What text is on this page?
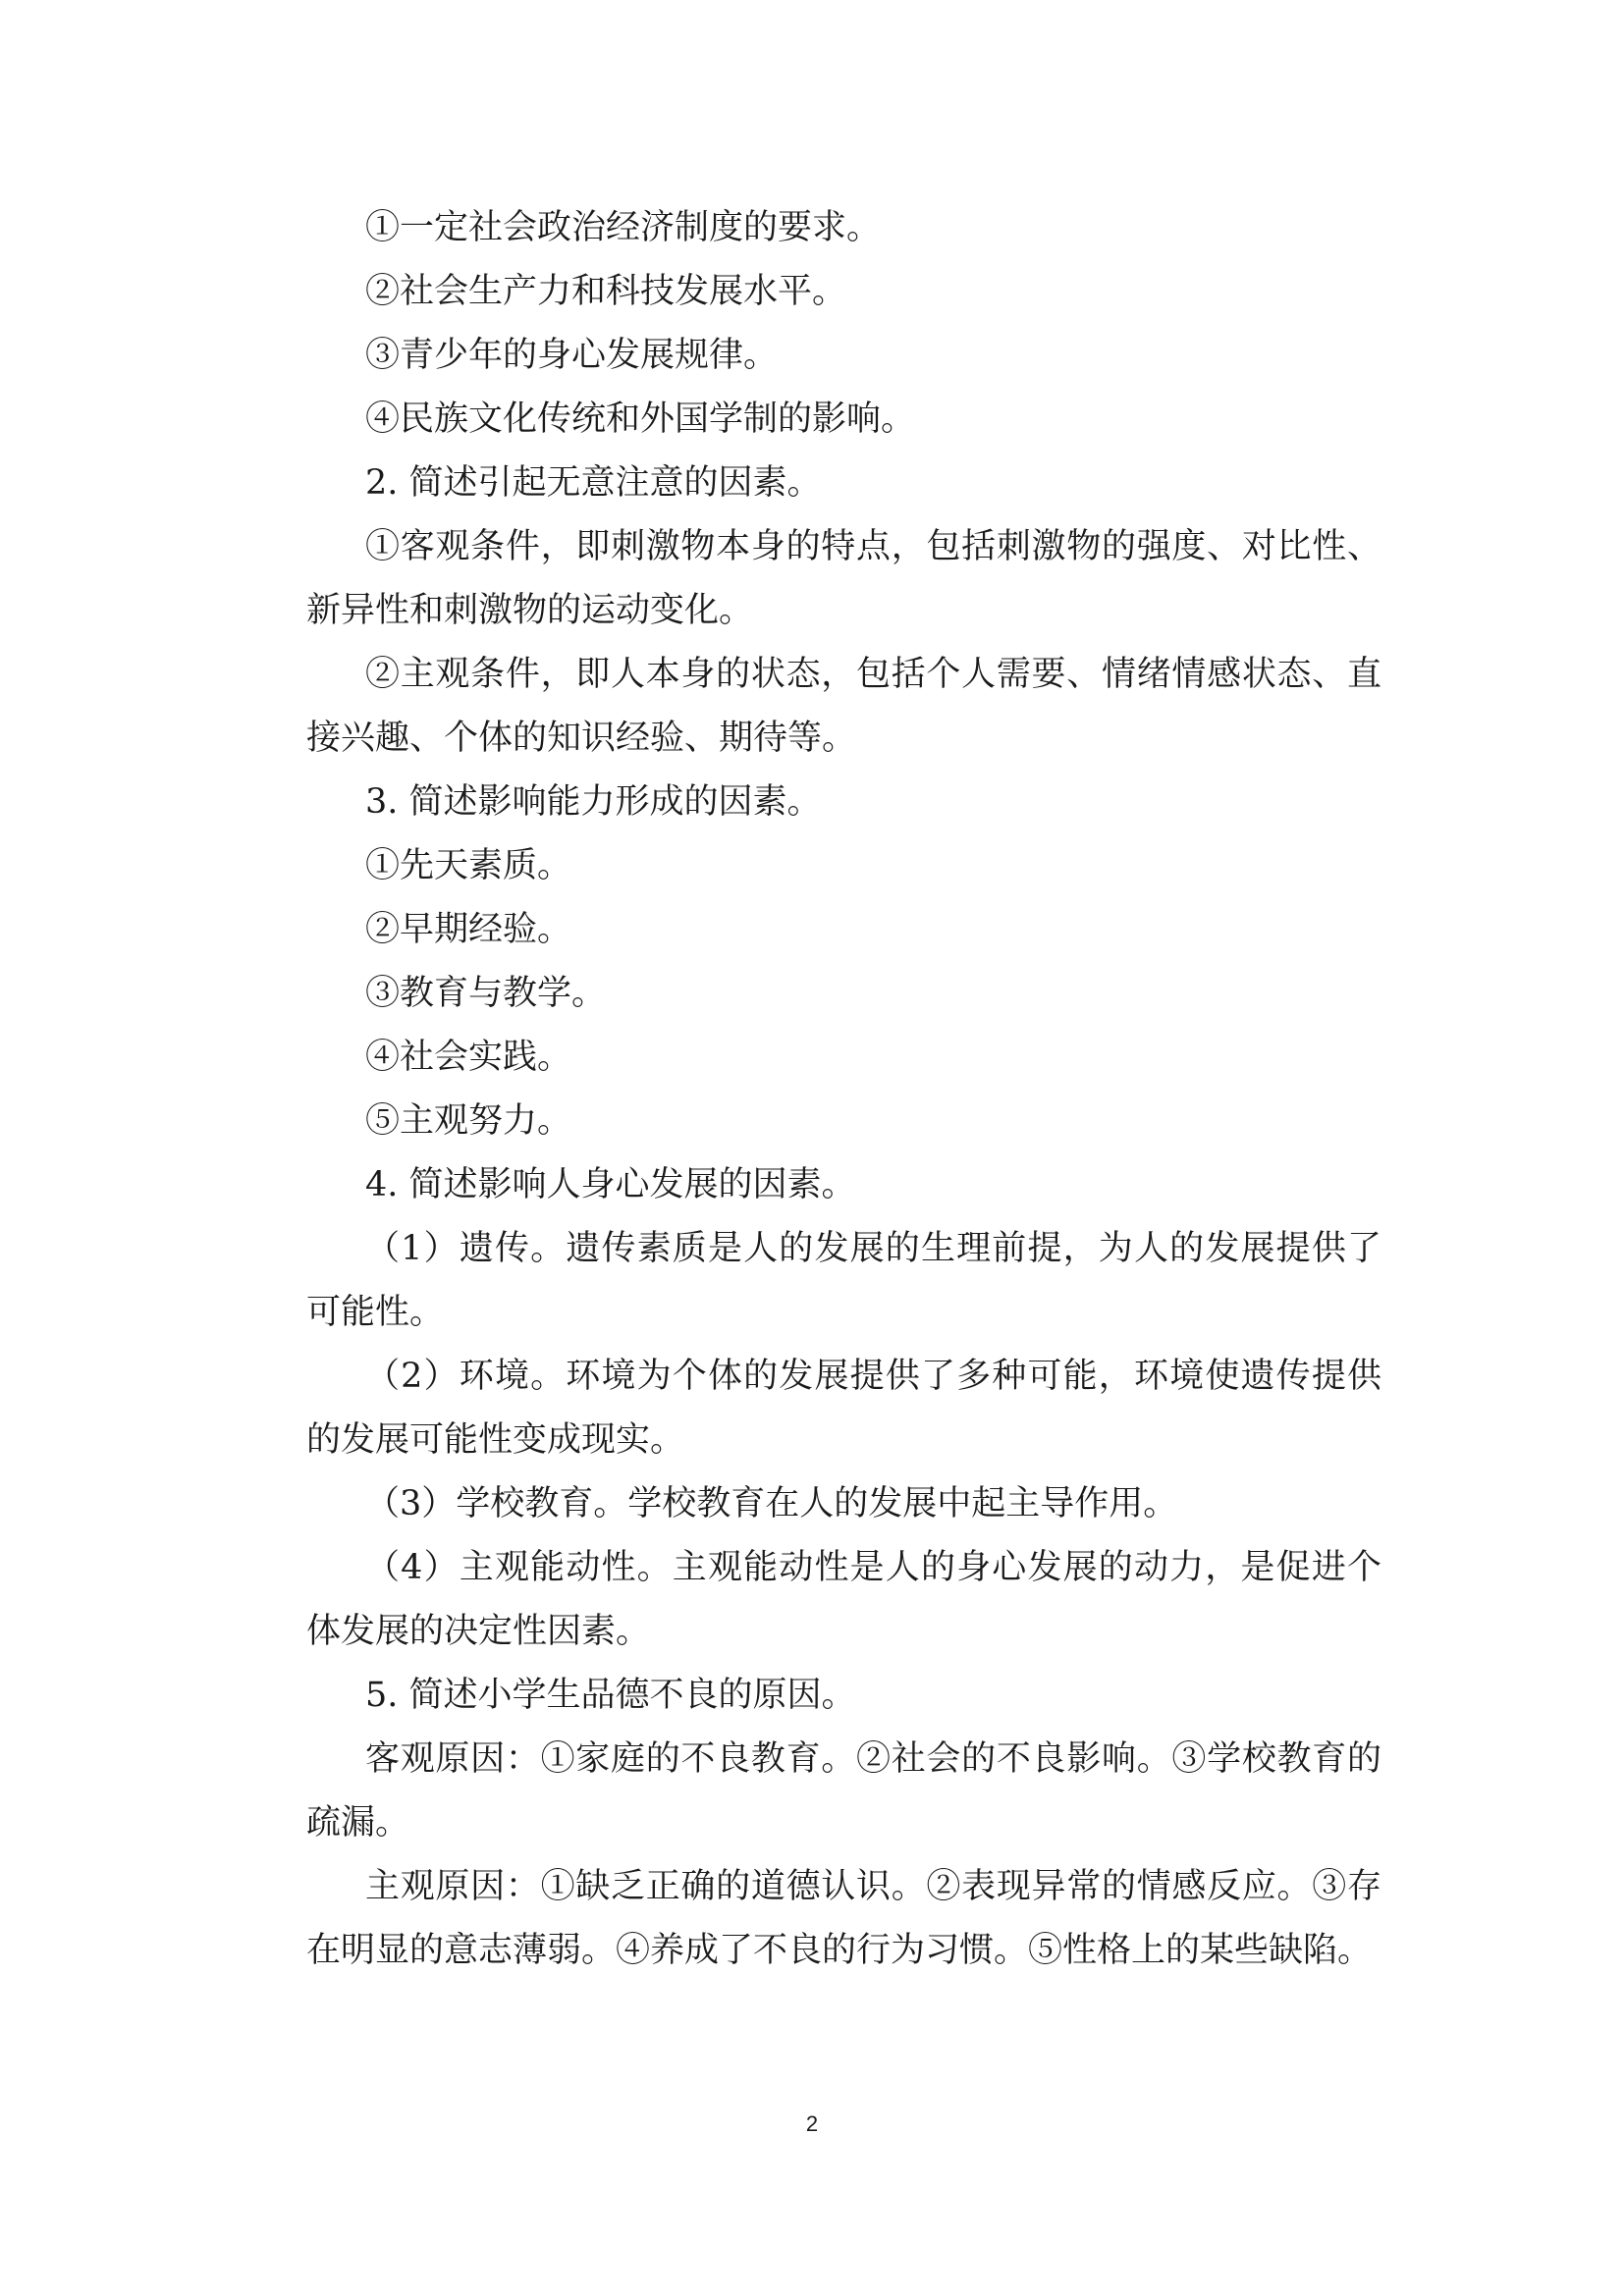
①一定社会政治经济制度的要求。

②社会生产力和科技发展水平。

③青少年的身心发展规律。

④民族文化传统和外国学制的影响。

2. 简述引起无意注意的因素。

①客观条件，即刺激物本身的特点，包括刺激物的强度、对比性、新异性和刺激物的运动变化。

②主观条件，即人本身的状态，包括个人需要、情绪情感状态、直接兴趣、个体的知识经验、期待等。

3. 简述影响能力形成的因素。

①先天素质。

②早期经验。

③教育与教学。

④社会实践。

⑤主观努力。

4. 简述影响人身心发展的因素。

（1）遗传。遗传素质是人的发展的生理前提，为人的发展提供了可能性。

（2）环境。环境为个体的发展提供了多种可能，环境使遗传提供的发展可能性变成现实。

（3）学校教育。学校教育在人的发展中起主导作用。

（4）主观能动性。主观能动性是人的身心发展的动力，是促进个体发展的决定性因素。

5. 简述小学生品德不良的原因。

客观原因：①家庭的不良教育。②社会的不良影响。③学校教育的疏漏。

主观原因：①缺乏正确的道德认识。②表现异常的情感反应。③存在明显的意志薄弱。④养成了不良的行为习惯。⑤性格上的某些缺陷。

2
